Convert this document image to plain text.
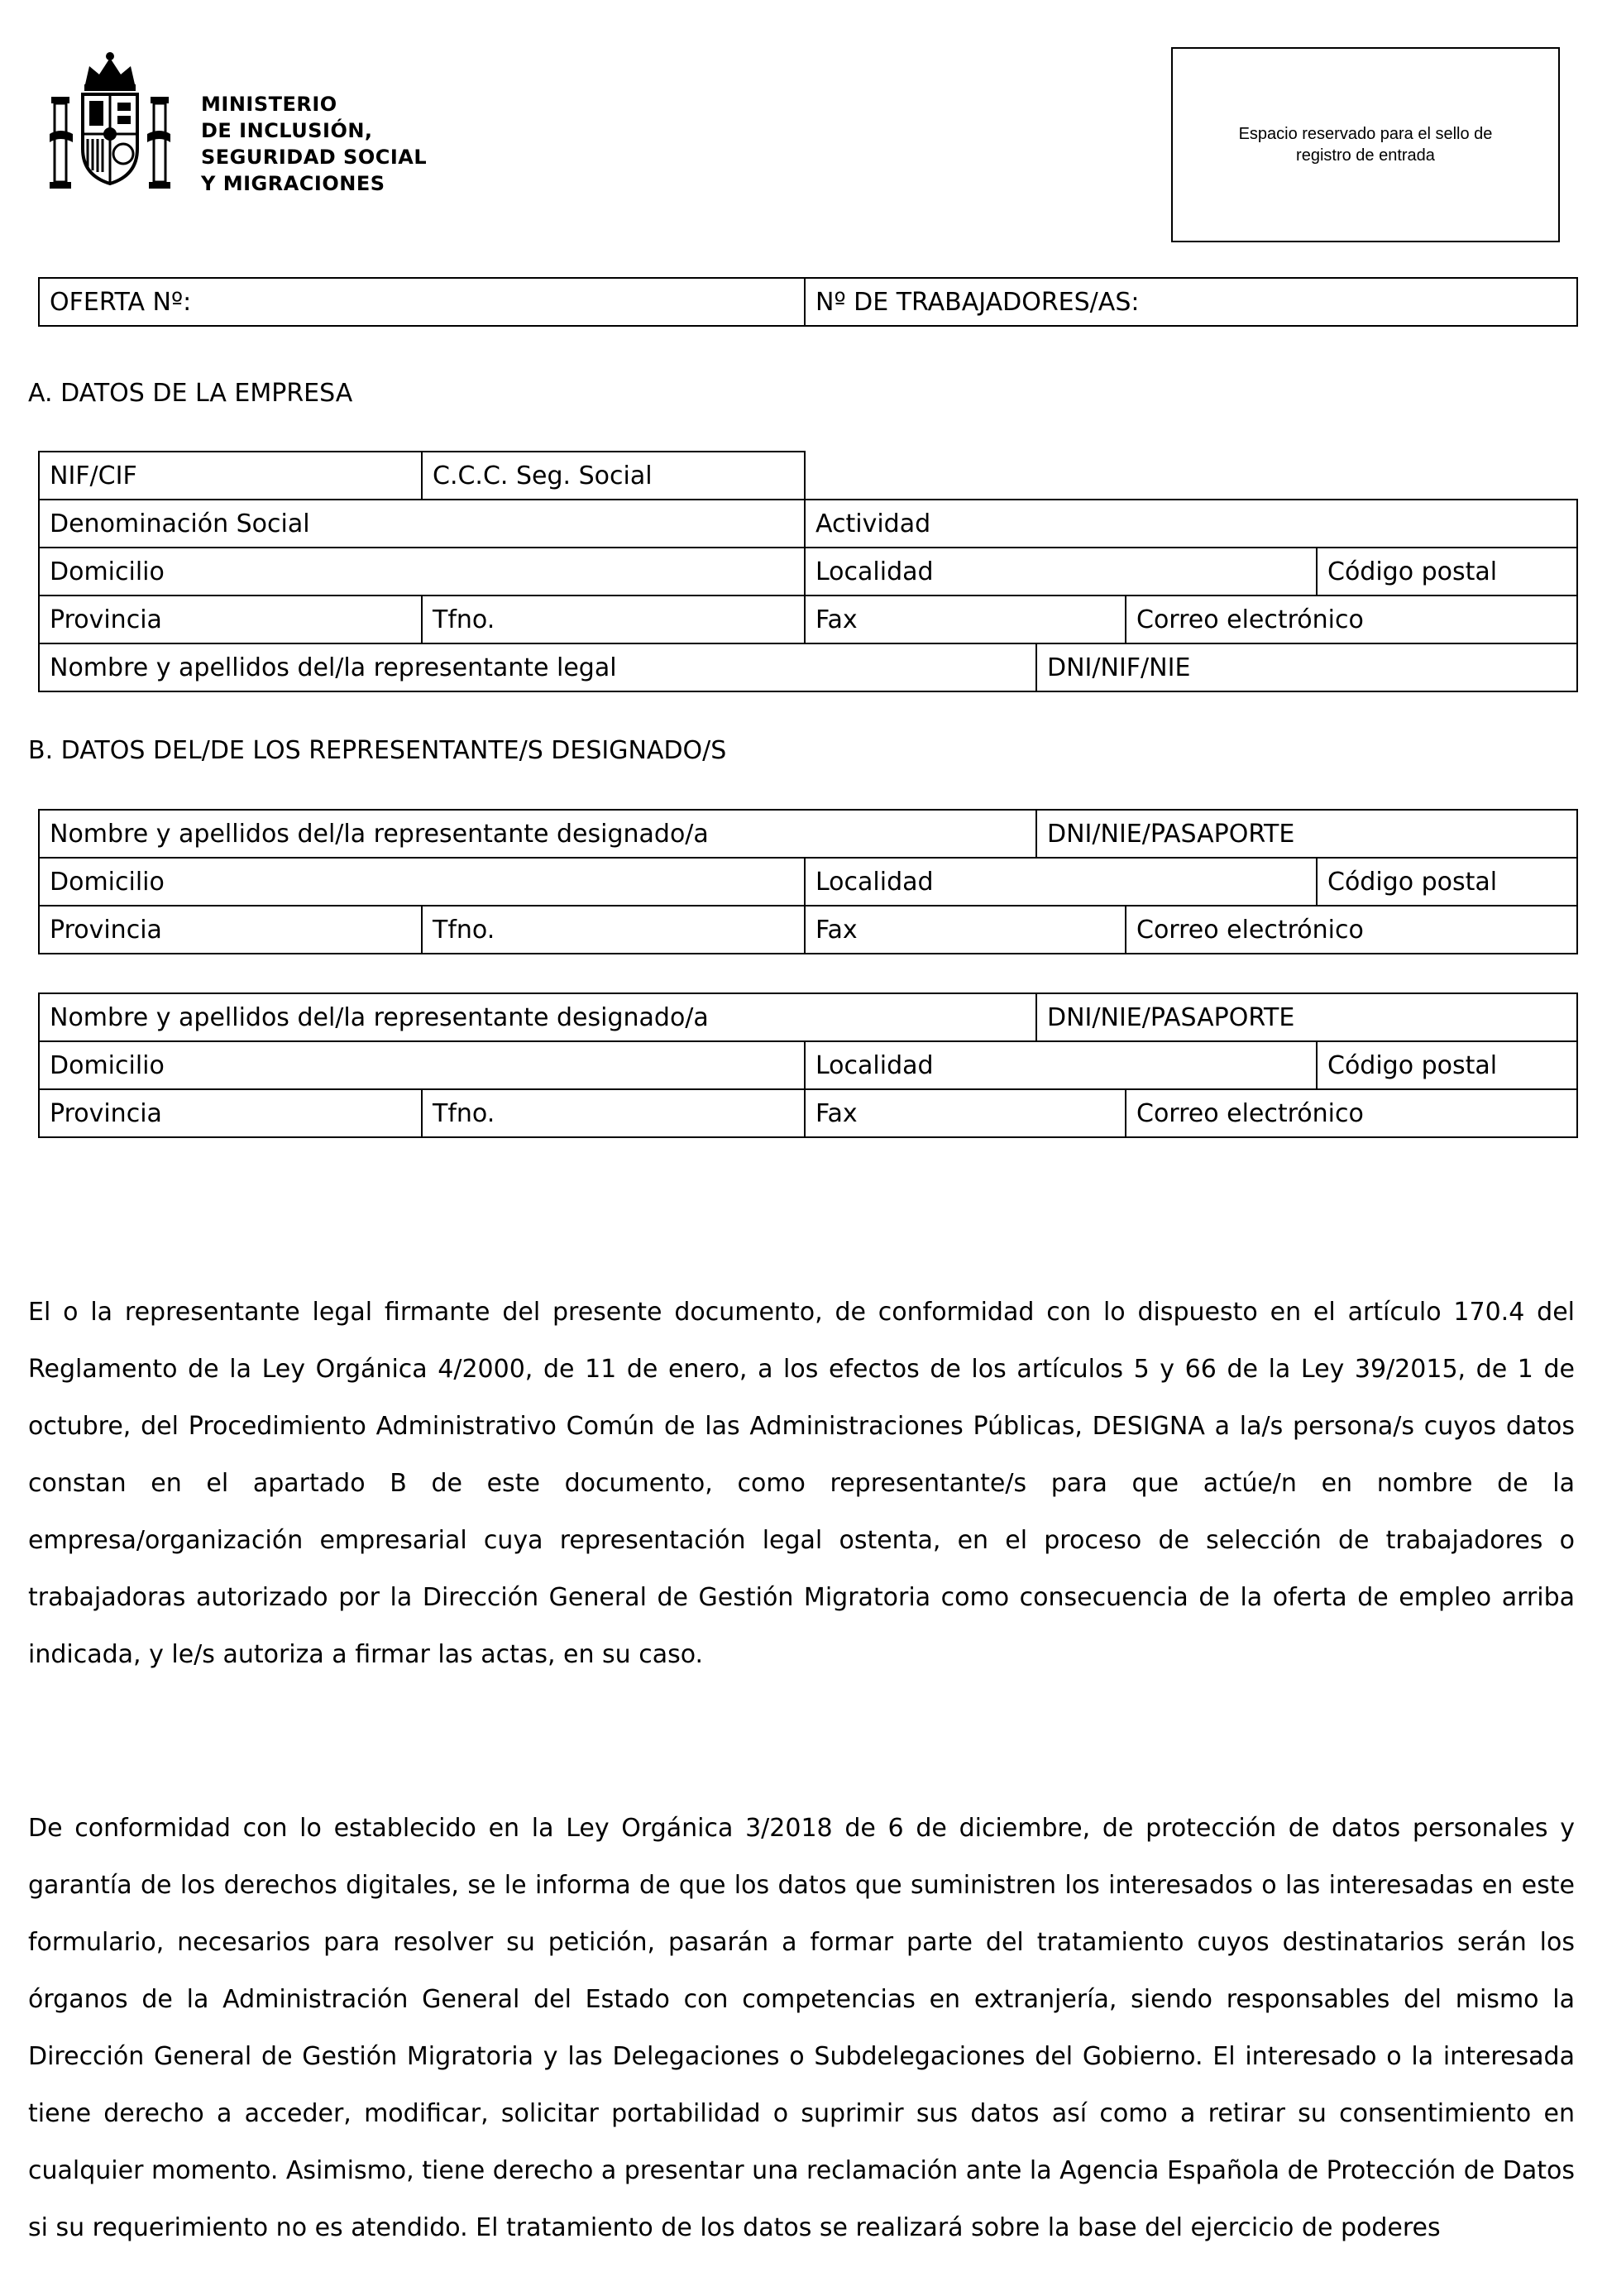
MINISTERIO
DE INCLUSIÓN,
SEGURIDAD SOCIAL
Y MIGRACIONES
Espacio reservado para el sello de registro de entrada
OFERTA Nº:	Nº DE TRABAJADORES/AS:
A. DATOS DE LA EMPRESA
NIF/CIF	C.C.C. Seg. Social				
Denominación Social		Actividad			
Domicilio		Localidad			Código postal
Provincia	Tfno.	Fax		Correo electrónico	
Nombre y apellidos del/la representante legal			DNI/NIF/NIE		
B. DATOS DEL/DE LOS REPRESENTANTE/S DESIGNADO/S
Nombre y apellidos del/la representante designado/a			DNI/NIE/PASAPORTE		
Domicilio		Localidad			Código postal
Provincia	Tfno.	Fax		Correo electrónico	
Nombre y apellidos del/la representante designado/a			DNI/NIE/PASAPORTE		
Domicilio		Localidad			Código postal
Provincia	Tfno.	Fax		Correo electrónico	

El o la representante legal firmante del presente documento, de conformidad con lo dispuesto en el artículo 170.4 del Reglamento de la Ley Orgánica 4/2000, de 11 de enero, a los efectos de los artículos 5 y 66 de la Ley 39/2015, de 1 de octubre, del Procedimiento Administrativo Común de las Administraciones Públicas, DESIGNA a la/s persona/s cuyos datos constan en el apartado B de este documento, como representante/s para que actúe/n en nombre de la empresa/organización empresarial cuya representación legal ostenta, en el proceso de selección de trabajadores o trabajadoras autorizado por la Dirección General de Gestión Migratoria como consecuencia de la oferta de empleo arriba indicada, y le/s autoriza a firmar las actas, en su caso.

De conformidad con lo establecido en la Ley Orgánica 3/2018 de 6 de diciembre, de protección de datos personales y garantía de los derechos digitales, se le informa de que los datos que suministren los interesados o las interesadas en este formulario, necesarios para resolver su petición, pasarán a formar parte del tratamiento cuyos destinatarios serán los órganos de la Administración General del Estado con competencias en extranjería, siendo responsables del mismo la Dirección General de Gestión Migratoria y las Delegaciones o Subdelegaciones del Gobierno. El interesado o la interesada tiene derecho a acceder, modificar, solicitar portabilidad o suprimir sus datos así como a retirar su consentimiento en cualquier momento. Asimismo, tiene derecho a presentar una reclamación ante la Agencia Española de Protección de Datos si su requerimiento no es atendido. El tratamiento de los datos se realizará sobre la base del ejercicio de poderes
